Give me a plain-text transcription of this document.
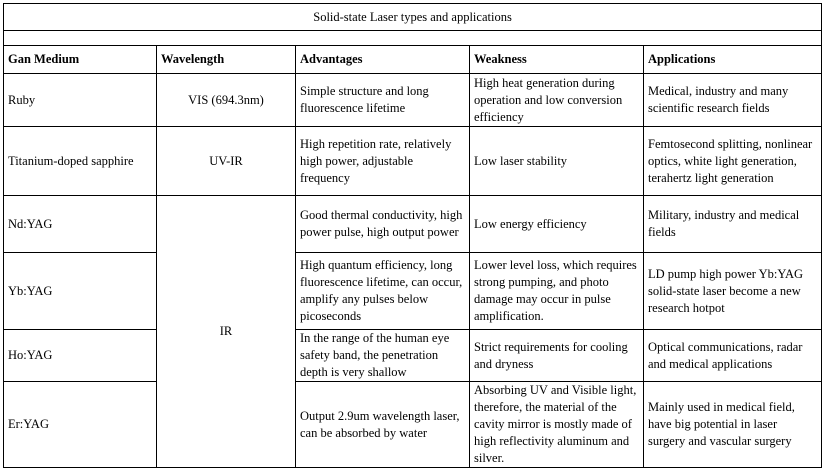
Solid-state Laser types and applications				

Gan Medium	Wavelength	Advantages	Weakness	Applications
Ruby	VIS (694.3nm)	Simple structure and long fluorescence lifetime	High heat generation during operation and low conversion efficiency	Medical, industry and many scientific research fields
Titanium-doped sapphire	UV-IR	High repetition rate, relatively high power, adjustable frequency	Low laser stability	Femtosecond splitting, nonlinear optics, white light generation, terahertz light generation
Nd:YAG	IR	Good thermal conductivity, high power pulse, high output power	Low energy efficiency	Military, industry and medical fields
Yb:YAG		High quantum efficiency, long fluorescence lifetime, can occur, amplify any pulses below picoseconds	Lower level loss, which requires strong pumping, and photo damage may occur in pulse amplification.	LD pump high power Yb:YAG solid-state laser become a new research hotpot
Ho:YAG		In the range of the human eye safety band, the penetration depth is very shallow	Strict requirements for cooling and dryness	Optical communications, radar and medical applications
Er:YAG		Output 2.9um wavelength laser, can be absorbed by water	Absorbing UV and Visible light, therefore, the material of the cavity mirror is mostly made of high reflectivity aluminum and silver.	Mainly used in medical field, have big potential in laser surgery and vascular surgery
